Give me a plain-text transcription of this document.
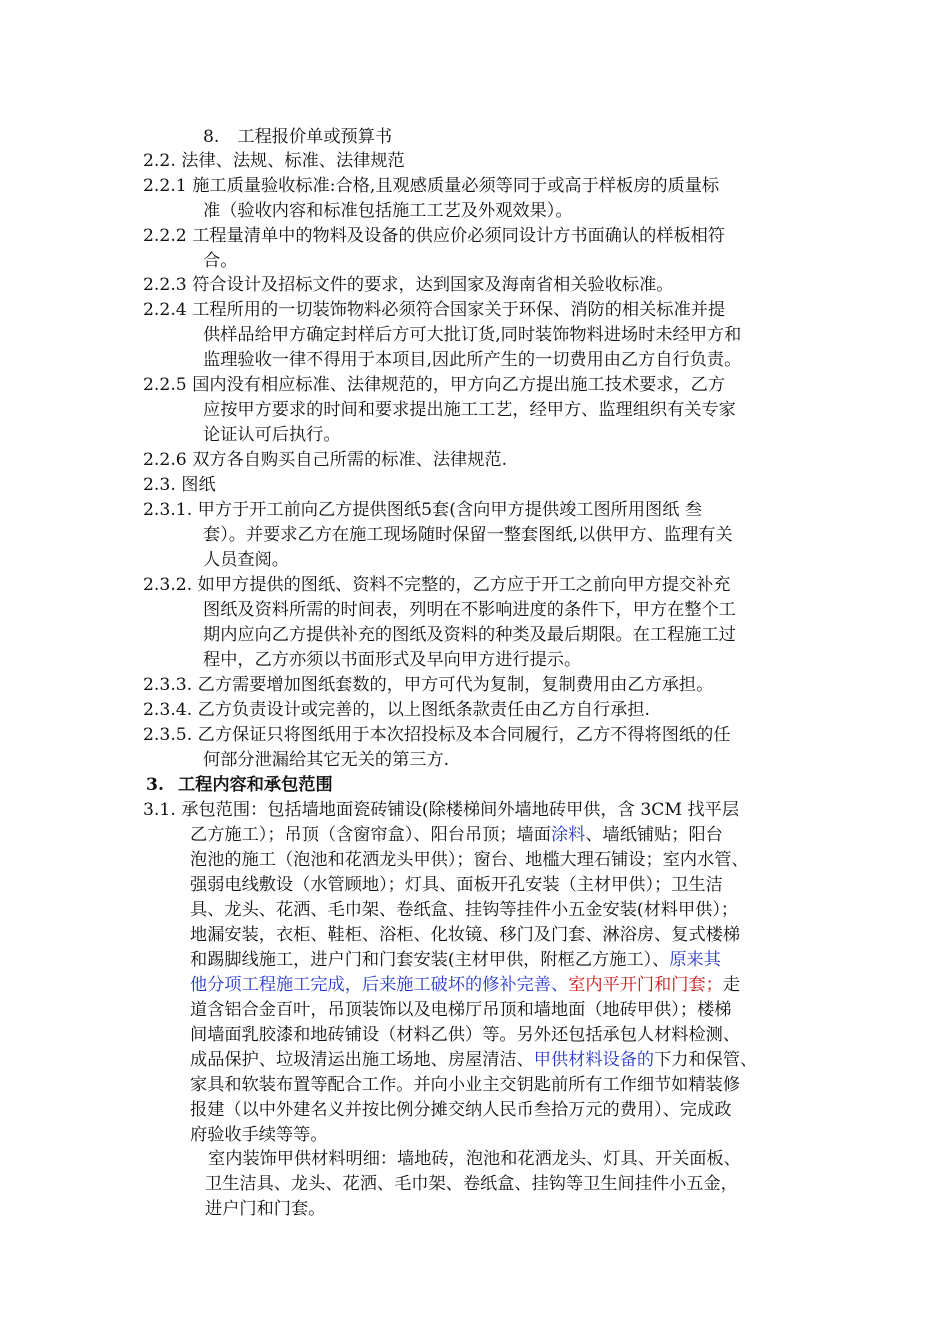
8. 工程报价单或预算书
2.2. 法律、法规、标准、法律规范
2.2.1 施工质量验收标准:合格,且观感质量必须等同于或高于样板房的质量标
准（验收内容和标准包括施工工艺及外观效果）。
2.2.2 工程量清单中的物料及设备的供应价必须同设计方书面确认的样板相符
合。
2.2.3 符合设计及招标文件的要求，达到国家及海南省相关验收标准。
2.2.4 工程所用的一切装饰物料必须符合国家关于环保、消防的相关标准并提
供样品给甲方确定封样后方可大批订货,同时装饰物料进场时未经甲方和
监理验收一律不得用于本项目,因此所产生的一切费用由乙方自行负责。
2.2.5 国内没有相应标准、法律规范的，甲方向乙方提出施工技术要求，乙方
应按甲方要求的时间和要求提出施工工艺，经甲方、监理组织有关专家
论证认可后执行。
2.2.6 双方各自购买自己所需的标准、法律规范.
2.3. 图纸
2.3.1. 甲方于开工前向乙方提供图纸5套(含向甲方提供竣工图所用图纸 叁
套）。并要求乙方在施工现场随时保留一整套图纸,以供甲方、监理有关
人员查阅。
2.3.2. 如甲方提供的图纸、资料不完整的，乙方应于开工之前向甲方提交补充
图纸及资料所需的时间表，列明在不影响进度的条件下，甲方在整个工
期内应向乙方提供补充的图纸及资料的种类及最后期限。在工程施工过
程中，乙方亦须以书面形式及早向甲方进行提示。
2.3.3. 乙方需要增加图纸套数的，甲方可代为复制，复制费用由乙方承担。
2.3.4. 乙方负责设计或完善的，以上图纸条款责任由乙方自行承担.
2.3.5. 乙方保证只将图纸用于本次招投标及本合同履行，乙方不得将图纸的任
何部分泄漏给其它无关的第三方.
3. 工程内容和承包范围
3.1. 承包范围：包括墙地面瓷砖铺设(除楼梯间外墙地砖甲供，含 3CM 找平层
乙方施工）；吊顶（含窗帘盒）、阳台吊顶；墙面涂料、墙纸铺贴；阳台
泡池的施工（泡池和花洒龙头甲供）；窗台、地槛大理石铺设；室内水管、
强弱电线敷设（水管顾地）；灯具、面板开孔安装（主材甲供）；卫生洁
具、龙头、花洒、毛巾架、卷纸盒、挂钩等挂件小五金安装(材料甲供）；
地漏安装，衣柜、鞋柜、浴柜、化妆镜、移门及门套、淋浴房、复式楼梯
和踢脚线施工，进户门和门套安装(主材甲供，附框乙方施工）、原来其
他分项工程施工完成，后来施工破坏的修补完善、室内平开门和门套；走
道含铝合金百叶，吊顶装饰以及电梯厅吊顶和墙地面（地砖甲供）；楼梯
间墙面乳胶漆和地砖铺设（材料乙供）等。另外还包括承包人材料检测、
成品保护、垃圾清运出施工场地、房屋清洁、甲供材料设备的下力和保管、
家具和软装布置等配合工作。并向小业主交钥匙前所有工作细节如精装修
报建（以中外建名义并按比例分摊交纳人民币叁拾万元的费用）、完成政
府验收手续等等。
室内装饰甲供材料明细：墙地砖，泡池和花洒龙头、灯具、开关面板、
卫生洁具、龙头、花洒、毛巾架、卷纸盒、挂钩等卫生间挂件小五金，
进户门和门套。
